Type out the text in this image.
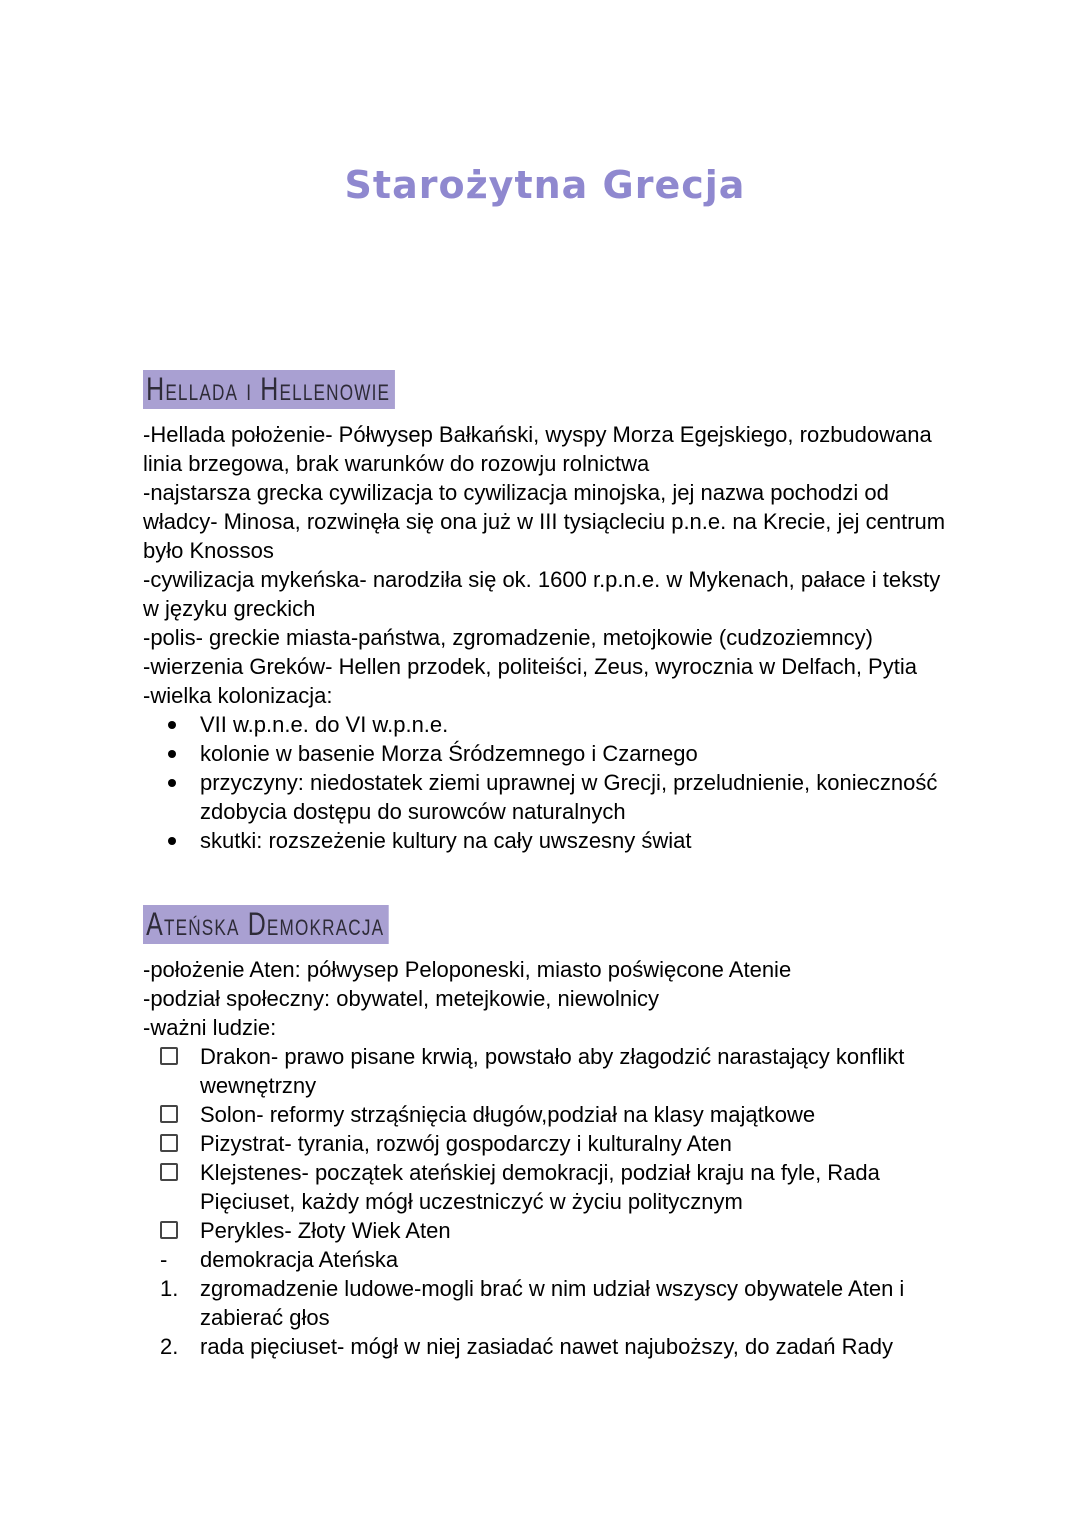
Starożytna Grecja
Hellada i Hellenowie

-Hellada położenie- Półwysep Bałkański, wyspy Morza Egejskiego, rozbudowana linia brzegowa, brak warunków do rozowju rolnictwa

-najstarsza grecka cywilizacja to cywilizacja minojska, jej nazwa pochodzi od władcy- Minosa, rozwinęła się ona już w III tysiącleciu p.n.e. na Krecie, jej centrum było Knossos

-cywilizacja mykeńska- narodziła się ok. 1600 r.p.n.e. w Mykenach, pałace i teksty w języku greckich

-polis- greckie miasta-państwa, zgromadzenie, metojkowie (cudzoziemncy)

-wierzenia Greków- Hellen przodek, politeiści, Zeus, wyrocznia w Delfach, Pytia

-wielka kolonizacja:

VII w.p.n.e. do VI w.p.n.e.
kolonie w basenie Morza Śródzemnego i Czarnego
przyczyny: niedostatek ziemi uprawnej w Grecji, przeludnienie, konieczność zdobycia dostępu do surowców naturalnych
skutki: rozszeżenie kultury na cały uwszesny świat
Ateńska Demokracja

-położenie Aten: półwysep Peloponeski, miasto poświęcone Atenie

-podział społeczny: obywatel, metejkowie, niewolnicy

-ważni ludzie:

Drakon- prawo pisane krwią, powstało aby złagodzić narastający konflikt wewnętrzny
Solon- reformy strząśnięcia długów,podział na klasy majątkowe
Pizystrat- tyrania, rozwój gospodarczy i kulturalny Aten
Klejstenes- początek ateńskiej demokracji, podział kraju na fyle, Rada Pięciuset, każdy mógł uczestniczyć w życiu politycznym
Perykles- Złoty Wiek Aten
-	demokracja Ateńska
1. zgromadzenie ludowe-mogli brać w nim udział wszyscy obywatele Aten i zabierać głos
2. rada pięciuset- mógł w niej zasiadać nawet najuboższy, do zadań Rady
